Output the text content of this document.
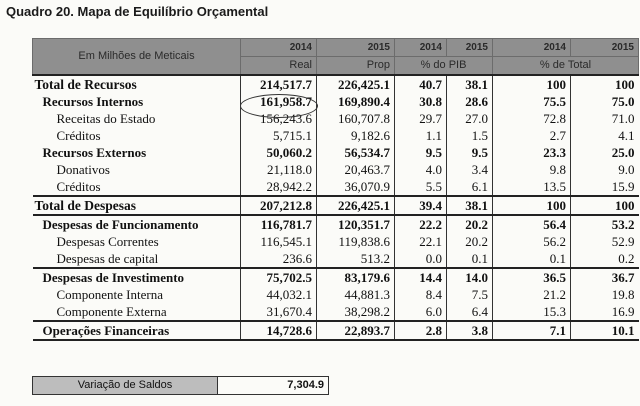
Quadro 20. Mapa de Equilíbrio Orçamental
Em Milhões de Meticais	2014	2015	2014	2015	2014	2015
	Real	Prop	% do PIB		% de Total	
Total de Recursos	214,517.7	226,425.1	40.7	38.1	100	100
Recursos Internos	161,958.7	169,890.4	30.8	28.6	75.5	75.0
Receitas do Estado	156,243.6	160,707.8	29.7	27.0	72.8	71.0
Créditos	5,715.1	9,182.6	1.1	1.5	2.7	4.1
Recursos Externos	50,060.2	56,534.7	9.5	9.5	23.3	25.0
Donativos	21,118.0	20,463.7	4.0	3.4	9.8	9.0
Créditos	28,942.2	36,070.9	5.5	6.1	13.5	15.9
Total de Despesas	207,212.8	226,425.1	39.4	38.1	100	100
Despesas de Funcionamento	116,781.7	120,351.7	22.2	20.2	56.4	53.2
Despesas Correntes	116,545.1	119,838.6	22.1	20.2	56.2	52.9
Despesas de capital	236.6	513.2	0.0	0.1	0.1	0.2
Despesas de Investimento	75,702.5	83,179.6	14.4	14.0	36.5	36.7
Componente Interna	44,032.1	44,881.3	8.4	7.5	21.2	19.8
Componente Externa	31,670.4	38,298.2	6.0	6.4	15.3	16.9
Operações Financeiras	14,728.6	22,893.7	2.8	3.8	7.1	10.1
Variação de Saldos	7,304.9
